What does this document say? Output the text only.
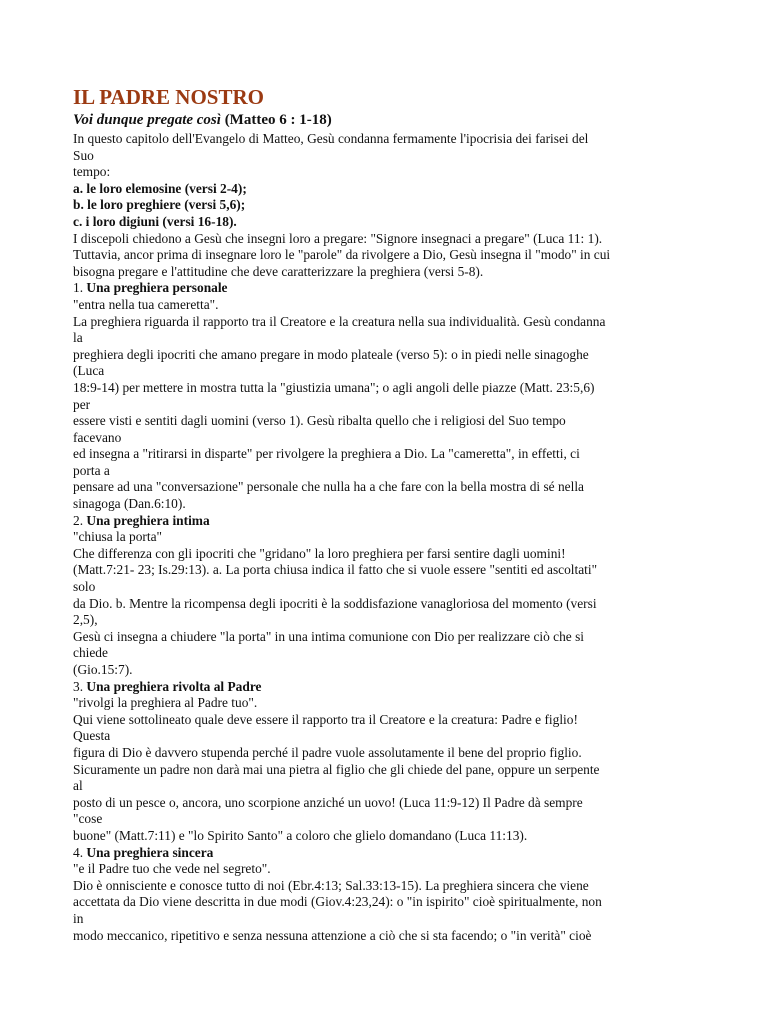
IL PADRE NOSTRO
Voi dunque pregate così (Matteo 6 : 1-18)
In questo capitolo dell'Evangelo di Matteo, Gesù condanna fermamente l'ipocrisia dei farisei del
Suo
tempo:
a. le loro elemosine (versi 2-4);
b. le loro preghiere (versi 5,6);
c. i loro digiuni (versi 16-18).
I discepoli chiedono a Gesù che insegni loro a pregare: "Signore insegnaci a pregare" (Luca 11: 1).
Tuttavia, ancor prima di insegnare loro le "parole" da rivolgere a Dio, Gesù insegna il "modo" in cui
bisogna pregare e l'attitudine che deve caratterizzare la preghiera (versi 5-8).
1. Una preghiera personale
"entra nella tua cameretta".
La preghiera riguarda il rapporto tra il Creatore e la creatura nella sua individualità. Gesù condanna
la
preghiera degli ipocriti che amano pregare in modo plateale (verso 5): o in piedi nelle sinagoghe
(Luca
18:9-14) per mettere in mostra tutta la "giustizia umana"; o agli angoli delle piazze (Matt. 23:5,6)
per
essere visti e sentiti dagli uomini (verso 1). Gesù ribalta quello che i religiosi del Suo tempo
facevano
ed insegna a "ritirarsi in disparte" per rivolgere la preghiera a Dio. La "cameretta", in effetti, ci
porta a
pensare ad una "conversazione" personale che nulla ha a che fare con la bella mostra di sé nella
sinagoga (Dan.6:10).
2. Una preghiera intima
"chiusa la porta"
Che differenza con gli ipocriti che "gridano" la loro preghiera per farsi sentire dagli uomini!
(Matt.7:21- 23; Is.29:13). a. La porta chiusa indica il fatto che si vuole essere "sentiti ed ascoltati"
solo
da Dio. b. Mentre la ricompensa degli ipocriti è la soddisfazione vanagloriosa del momento (versi
2,5),
Gesù ci insegna a chiudere "la porta" in una intima comunione con Dio per realizzare ciò che si
chiede
(Gio.15:7).
3. Una preghiera rivolta al Padre
"rivolgi la preghiera al Padre tuo".
Qui viene sottolineato quale deve essere il rapporto tra il Creatore e la creatura: Padre e figlio!
Questa
figura di Dio è davvero stupenda perché il padre vuole assolutamente il bene del proprio figlio.
Sicuramente un padre non darà mai una pietra al figlio che gli chiede del pane, oppure un serpente
al
posto di un pesce o, ancora, uno scorpione anziché un uovo! (Luca 11:9-12) Il Padre dà sempre
"cose
buone" (Matt.7:11) e "lo Spirito Santo" a coloro che glielo domandano (Luca 11:13).
4. Una preghiera sincera
"e il Padre tuo che vede nel segreto".
Dio è onnisciente e conosce tutto di noi (Ebr.4:13; Sal.33:13-15). La preghiera sincera che viene
accettata da Dio viene descritta in due modi (Giov.4:23,24): o "in ispirito" cioè spiritualmente, non
in
modo meccanico, ripetitivo e senza nessuna attenzione a ciò che si sta facendo; o "in verità" cioè
